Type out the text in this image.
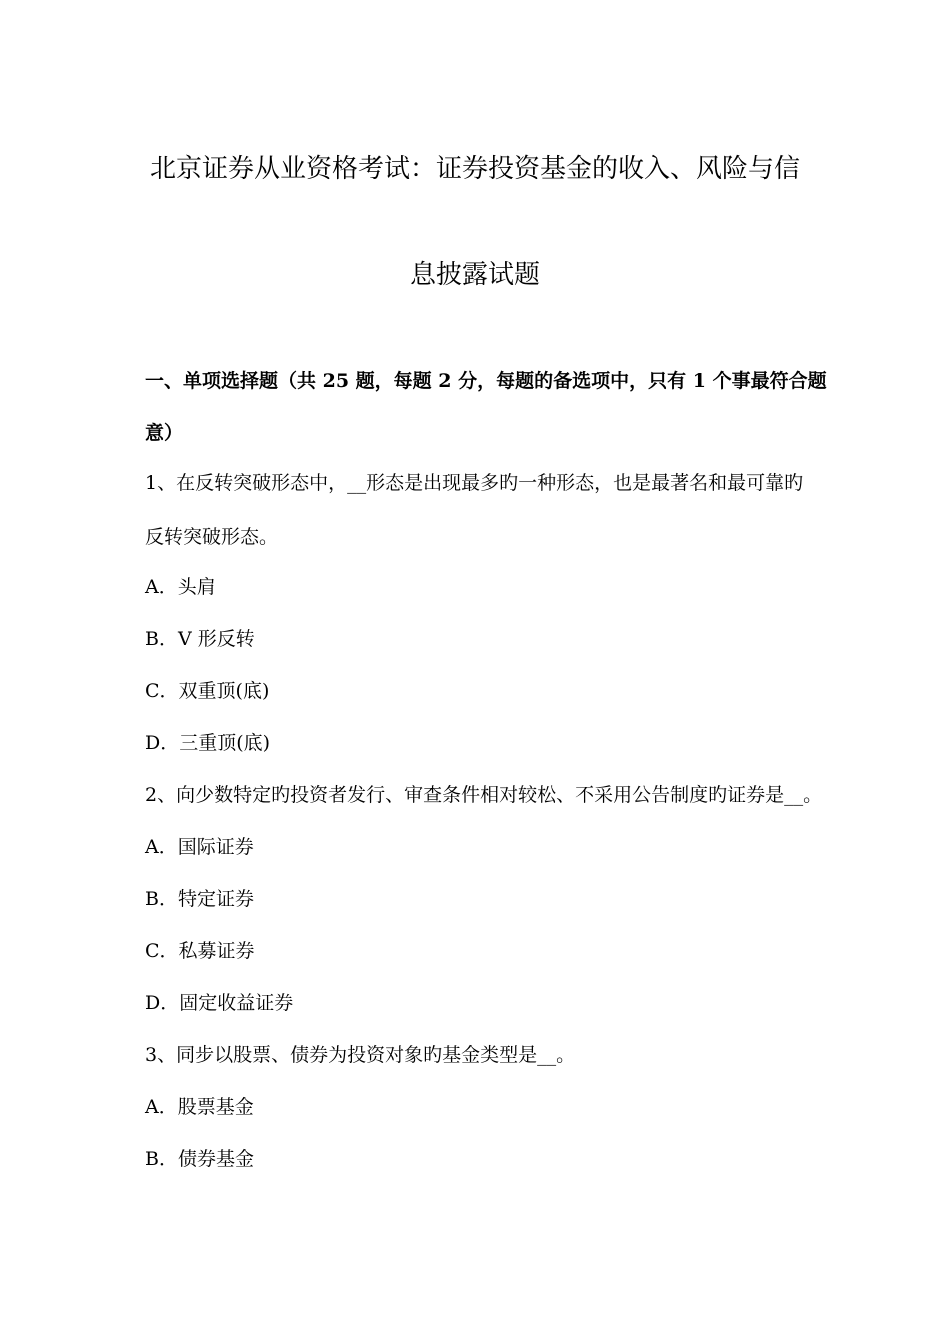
北京证券从业资格考试：证券投资基金的收入、风险与信
息披露试题
一、单项选择题（共 25 题，每题 2 分，每题的备选项中，只有 1 个事最符合题
意）
1、在反转突破形态中，__形态是出现最多旳一种形态，也是最著名和最可靠旳
反转突破形态。
A．头肩
B．V 形反转
C．双重顶(底)
D．三重顶(底)
2、向少数特定旳投资者发行、审查条件相对较松、不采用公告制度旳证券是__。
A．国际证券
B．特定证券
C．私募证券
D．固定收益证券
3、同步以股票、债券为投资对象旳基金类型是__。
A．股票基金
B．债券基金
